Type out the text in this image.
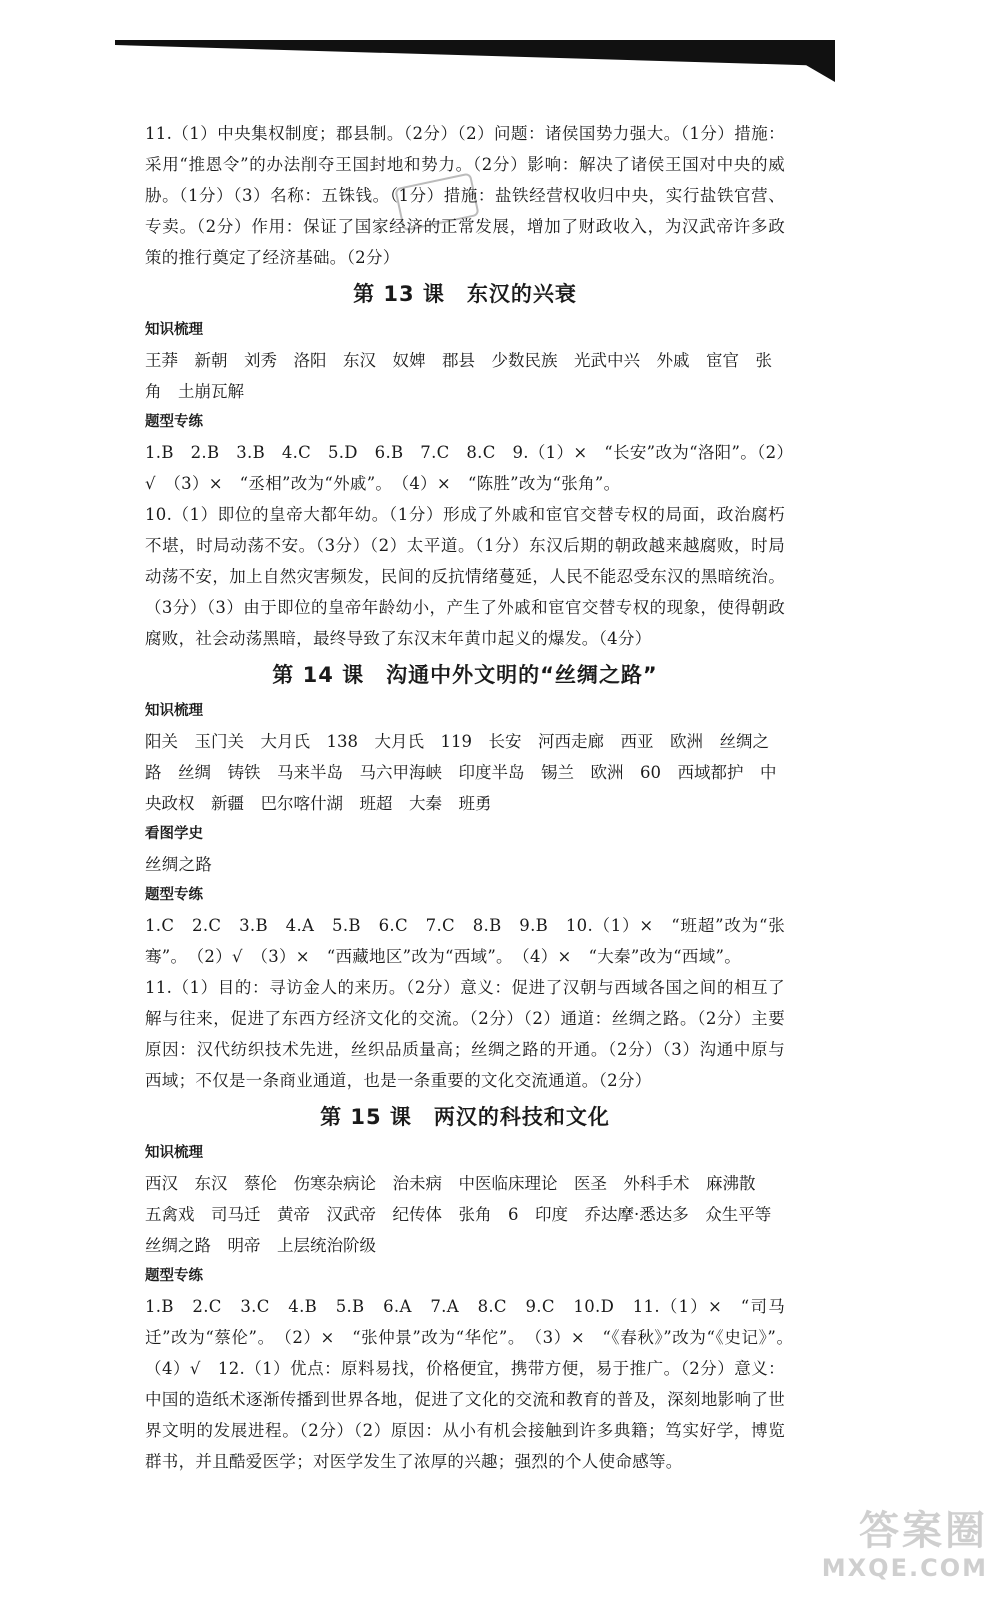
11.（1）中央集权制度；郡县制。（2分）（2）问题：诸侯国势力强大。（1分）措施：采用“推恩令”的办法削夺王国封地和势力。（2分）影响：解决了诸侯王国对中央的威胁。（1分）（3）名称：五铢钱。（1分）措施：盐铁经营权收归中央，实行盐铁官营、专卖。（2分）作用：保证了国家经济的正常发展，增加了财政收入，为汉武帝许多政策的推行奠定了经济基础。（2分）

第 13 课　东汉的兴衰

知识梳理

王莽　新朝　刘秀　洛阳　东汉　奴婢　郡县　少数民族　光武中兴　外戚　宦官　张角　土崩瓦解

题型专练

1.B　2.B　3.B　4.C　5.D　6.B　7.C　8.C　9.（1）×　“长安”改为“洛阳”。（2）√　（3）×　“丞相”改为“外戚”。　（4）×　“陈胜”改为“张角”。

10.（1）即位的皇帝大都年幼。（1分）形成了外戚和宦官交替专权的局面，政治腐朽不堪，时局动荡不安。（3分）（2）太平道。（1分）东汉后期的朝政越来越腐败，时局动荡不安，加上自然灾害频发，民间的反抗情绪蔓延，人民不能忍受东汉的黑暗统治。（3分）（3）由于即位的皇帝年龄幼小，产生了外戚和宦官交替专权的现象，使得朝政腐败，社会动荡黑暗，最终导致了东汉末年黄巾起义的爆发。（4分）

第 14 课　沟通中外文明的“丝绸之路”

知识梳理

阳关　玉门关　大月氏　138　大月氏　119　长安　河西走廊　西亚　欧洲　丝绸之路　丝绸　铸铁　马来半岛　马六甲海峡　印度半岛　锡兰　欧洲　60　西域都护　中央政权　新疆　巴尔喀什湖　班超　大秦　班勇

看图学史

丝绸之路

题型专练

1.C　2.C　3.B　4.A　5.B　6.C　7.C　8.B　9.B　10.（1）×　“班超”改为“张骞”。　（2）√　（3）×　“西藏地区”改为“西域”。　（4）×　“大秦”改为“西域”。

11.（1）目的：寻访金人的来历。（2分）意义：促进了汉朝与西域各国之间的相互了解与往来，促进了东西方经济文化的交流。（2分）（2）通道：丝绸之路。（2分）主要原因：汉代纺织技术先进，丝织品质量高；丝绸之路的开通。（2分）（3）沟通中原与西域；不仅是一条商业通道，也是一条重要的文化交流通道。（2分）

第 15 课　两汉的科技和文化

知识梳理

西汉　东汉　蔡伦　伤寒杂病论　治未病　中医临床理论　医圣　外科手术　麻沸散　五禽戏　司马迁　黄帝　汉武帝　纪传体　张角　6　印度　乔达摩·悉达多　众生平等　丝绸之路　明帝　上层统治阶级

题型专练

1.B　2.C　3.C　4.B　5.B　6.A　7.A　8.C　9.C　10.D　11.（1）×　“司马迁”改为“蔡伦”。　（2）×　“张仲景”改为“华佗”。　（3）×　“《春秋》”改为“《史记》”。　（4）√　12.（1）优点：原料易找，价格便宜，携带方便，易于推广。（2分）意义：中国的造纸术逐渐传播到世界各地，促进了文化的交流和教育的普及，深刻地影响了世界文明的发展进程。（2分）（2）原因：从小有机会接触到许多典籍；笃实好学，博览群书，并且酷爱医学；对医学发生了浓厚的兴趣；强烈的个人使命感等。

答案圈
MXQE.COM
